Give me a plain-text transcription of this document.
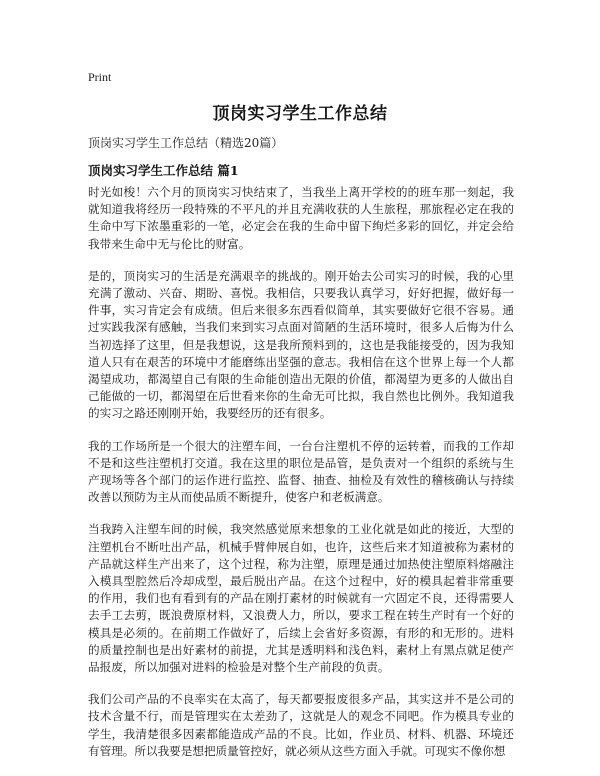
Print
顶岗实习学生工作总结
顶岗实习学生工作总结（精选20篇）
顶岗实习学生工作总结 篇1

时光如梭！六个月的顶岗实习快结束了，当我坐上离开学校的的班车那一刻起，我就知道我将经历一段特殊的不平凡的并且充满收获的人生旅程，那旅程必定在我的生命中写下浓墨重彩的一笔，必定会在我的生命中留下绚烂多彩的回忆，并定会给我带来生命中无与伦比的财富。

是的，顶岗实习的生活是充满艰辛的挑战的。刚开始去公司实习的时候，我的心里充满了激动、兴奋、期盼、喜悦。我相信，只要我认真学习，好好把握，做好每一件事，实习肯定会有成绩。但后来很多东西看似简单，其实要做好它很不容易。通过实践我深有感触，当我们来到实习点面对简陋的生活环境时，很多人后悔为什么当初选择了这里，但是我想说，这是我所预料到的，这也是我能接受的，因为我知道人只有在艰苦的环境中才能磨练出坚强的意志。我相信在这个世界上每一个人都渴望成功，都渴望自己有限的生命能创造出无限的价值，都渴望为更多的人做出自己能做的一切，都渴望在后世看来你的生命无可比拟，我自然也比例外。我知道我的实习之路还刚刚开始，我要经历的还有很多。

我的工作场所是一个很大的注塑车间，一台台注塑机不停的运转着，而我的工作却不是和这些注塑机打交道。我在这里的职位是品管，是负责对一个组织的系统与生产现场等各个部门的运作进行监控、监督、抽查、抽检及有效性的稽核确认与持续改善以预防为主从而使品质不断提升，使客户和老板满意。

当我跨入注塑车间的时候，我突然感觉原来想象的工业化就是如此的接近，大型的注塑机台不断吐出产品，机械手臂伸展自如，也许，这些后来才知道被称为素材的产品就这样生产出来了，这个过程，称为注塑，原理是通过加热使注塑原料熔融注入模具型腔然后冷却成型，最后脱出产品。在这个过程中，好的模具起着非常重要的作用，我们也有看到有的产品在刚打素材的时候就有一穴固定不良，还得需要人去手工去剪，既浪费原材料，又浪费人力，所以，要求工程在转生产时有一个好的模具是必须的。在前期工作做好了，后续上会省好多资源，有形的和无形的。进料的质量控制也是出好素材的前提，尤其是透明料和浅色料，素材上有黑点就足使产品报废，所以加强对进料的检验是对整个生产前段的负责。

我们公司产品的不良率实在太高了，每天都要报废很多产品，其实这并不是公司的技术含量不行，而是管理实在太差劲了，这就是人的观念不同吧。作为模具专业的学生，我清楚很多因素都能造成产品的不良。比如，作业员、材料、机器、环境还有管理。所以我要是想把质量管控好，就必须从这些方面入手就。可现实不像你想
